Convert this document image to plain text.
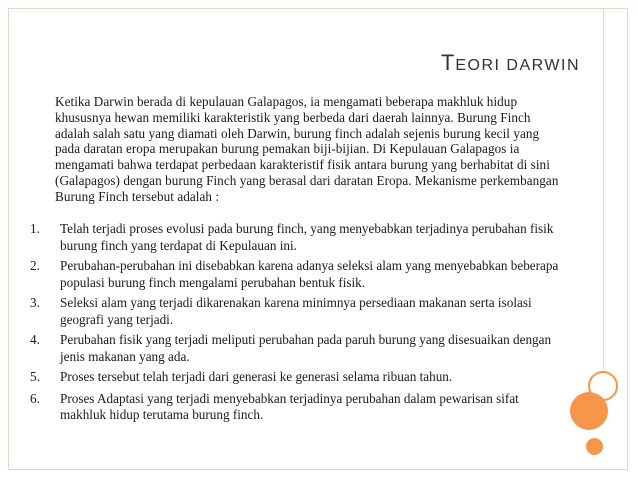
TEORI DARWIN
Ketika Darwin berada di kepulauan Galapagos, ia mengamati beberapa makhluk hidup
khususnya hewan memiliki karakteristik yang berbeda dari daerah lainnya. Burung Finch
adalah salah satu yang diamati oleh Darwin, burung finch adalah sejenis burung kecil yang
pada daratan eropa merupakan burung pemakan biji-bijian. Di Kepulauan Galapagos ia
mengamati bahwa terdapat perbedaan karakteristif fisik antara burung yang berhabitat di sini
(Galapagos) dengan burung Finch yang berasal dari daratan Eropa. Mekanisme perkembangan
Burung Finch tersebut adalah :
1. Telah terjadi proses evolusi pada burung finch, yang menyebabkan terjadinya perubahan fisik
burung finch yang terdapat di Kepulauan ini.
2. Perubahan-perubahan ini disebabkan karena adanya seleksi alam yang menyebabkan beberapa
populasi burung finch mengalami perubahan bentuk fisik.
3. Seleksi alam yang terjadi dikarenakan karena minimnya persediaan makanan serta isolasi
geografi yang terjadi.
4. Perubahan fisik yang terjadi meliputi perubahan pada paruh burung yang disesuaikan dengan
jenis makanan yang ada.
5. Proses tersebut telah terjadi dari generasi ke generasi selama ribuan tahun.
6. Proses Adaptasi yang terjadi menyebabkan terjadinya perubahan dalam pewarisan sifat
makhluk hidup terutama burung finch.
